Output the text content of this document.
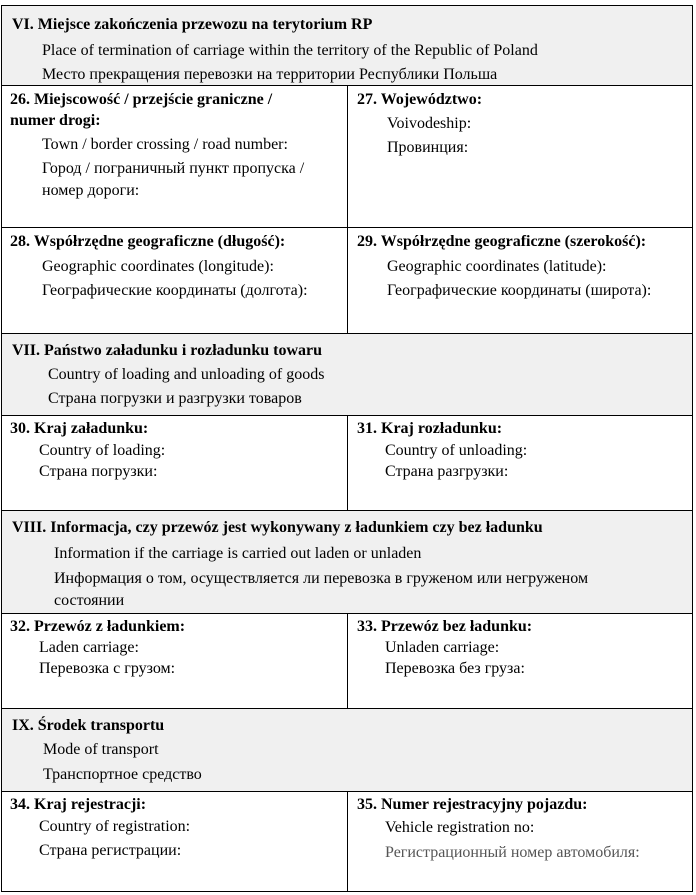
VI. Miejsce zakończenia przewozu na terytorium RP
Place of termination of carriage within the territory of the Republic of Poland
Место прекращения перевозки на территории Республики Польша
26. Miejscowość / przejście graniczne /
numer drogi:
Town / border crossing / road number:
Город / пограничный пункт пропуска /
номер дороги:
27. Województwo:
Voivodeship:
Провинция:
28. Współrzędne geograficzne (długość):
Geographic coordinates (longitude):
Географические координаты (долгота):
29. Współrzędne geograficzne (szerokość):
Geographic coordinates (latitude):
Географические координаты (широта):
VII. Państwo załadunku i rozładunku towaru
Country of loading and unloading of goods
Страна погрузки и разгрузки товаров
30. Kraj załadunku:
Country of loading:
Страна погрузки:
31. Kraj rozładunku:
Country of unloading:
Страна разгрузки:
VIII. Informacja, czy przewóz jest wykonywany z ładunkiem czy bez ładunku
Information if the carriage is carried out laden or unladen
Информация о том, осуществляется ли перевозка в груженом или негруженом
состоянии
32. Przewóz z ładunkiem:
Laden carriage:
Перевозка с грузом:
33. Przewóz bez ładunku:
Unladen carriage:
Перевозка без груза:
IX. Środek transportu
Mode of transport
Транспортное средство
34. Kraj rejestracji:
Country of registration:
Страна регистрации:
35. Numer rejestracyjny pojazdu:
Vehicle registration no:
Регистрационный номер автомобиля:
